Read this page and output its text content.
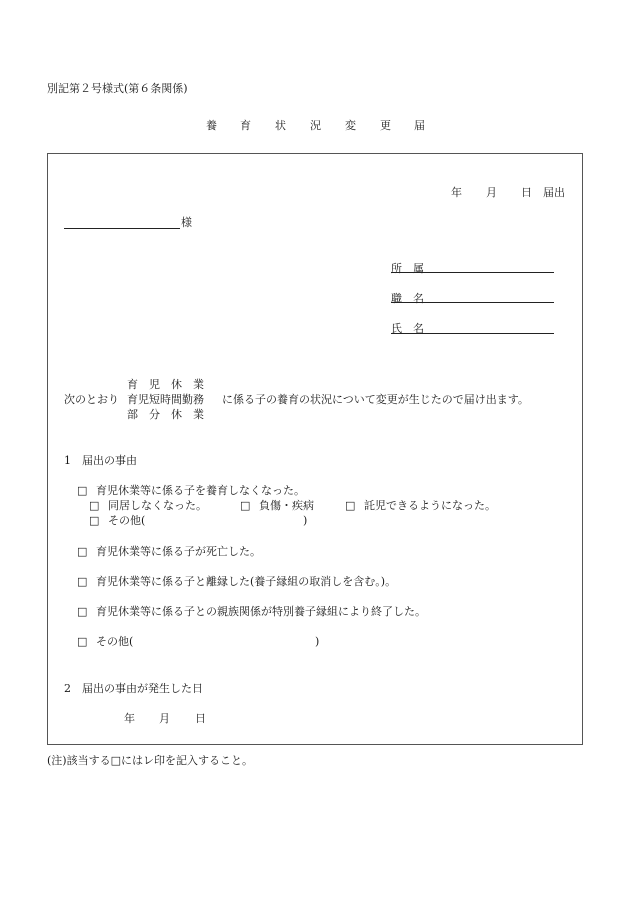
別記第２号様式(第６条関係)
養 育 状 況 変 更 届
年 月 日 届出
様
所　属
職　名
氏　名
育　児　休　業
次のとおり 育児短時間勤務 に係る子の養育の状況について変更が生じたので届け出ます。
部　分　休　業
1　届出の事由
□ 育児休業等に係る子を養育しなくなった。
□ 同居しなくなった。	□ 負傷・疾病	□ 託児できるようになった。
□ その他(	)
□ 育児休業等に係る子が死亡した。
□ 育児休業等に係る子と離縁した(養子縁組の取消しを含む。)。
□ 育児休業等に係る子との親族関係が特別養子縁組により終了した。
□ その他(	)
2　届出の事由が発生した日
年 月 日
(注)該当する□にはレ印を記入すること。
